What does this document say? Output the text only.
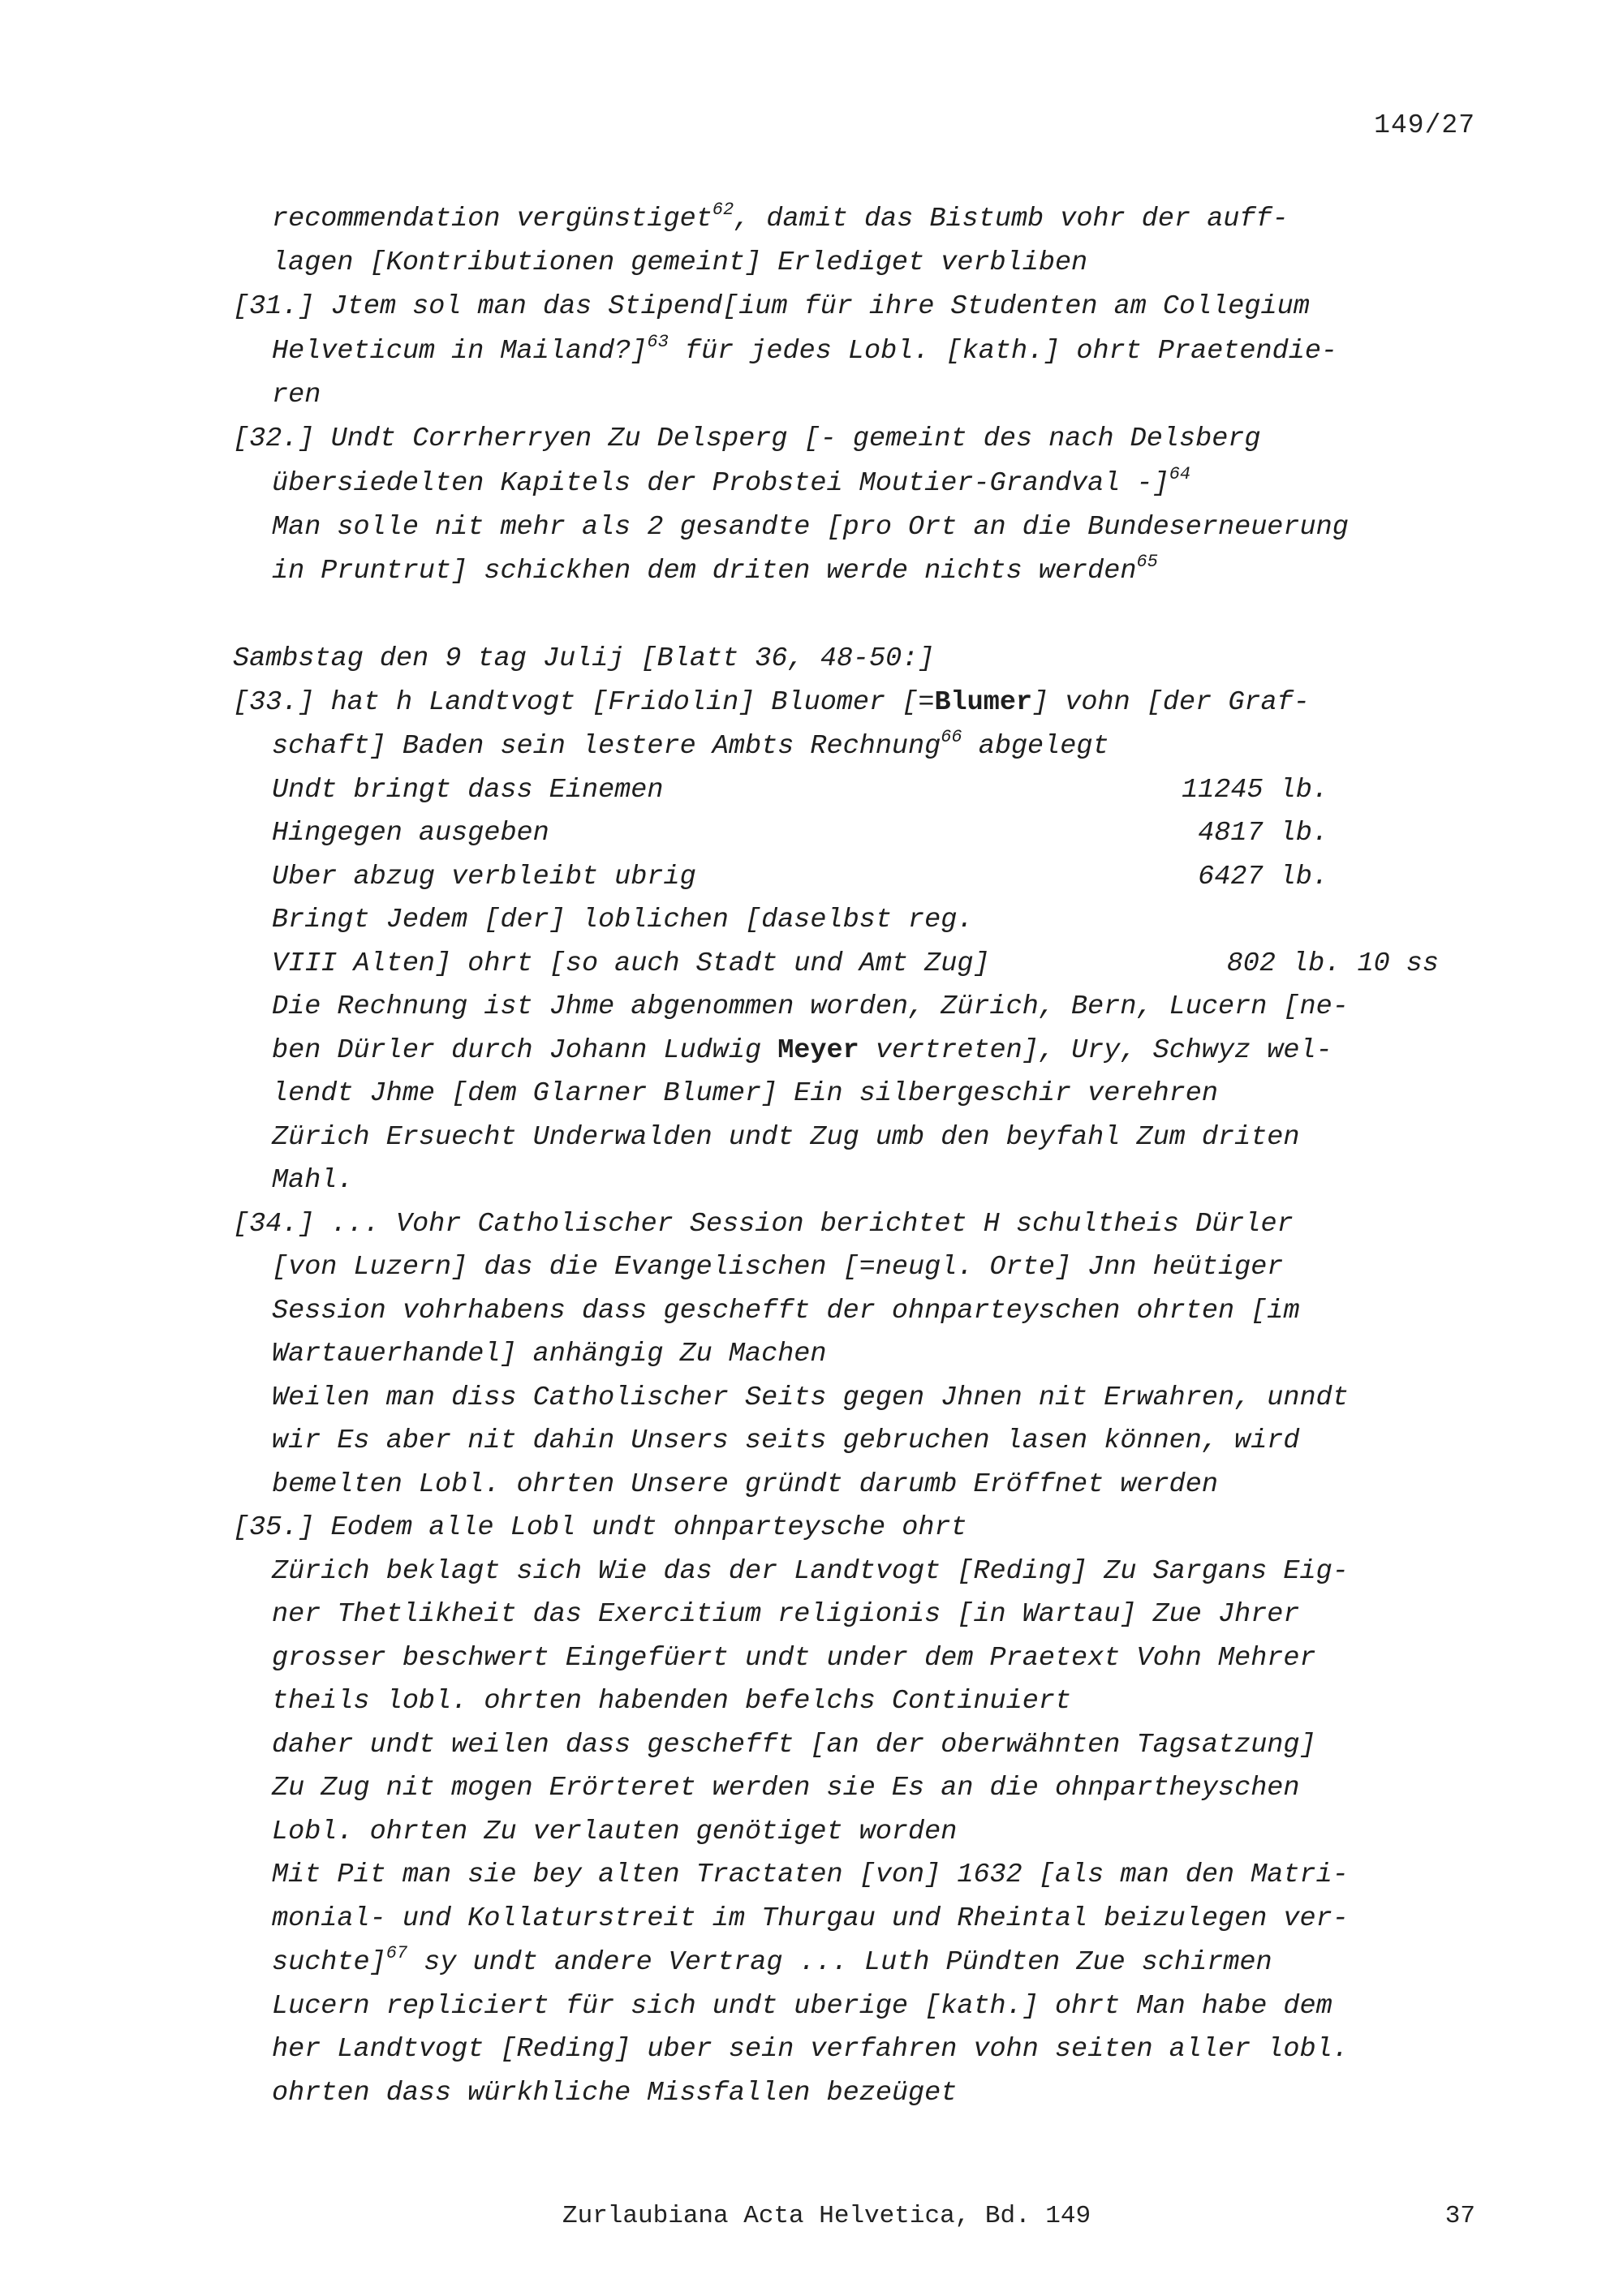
149/27
recommendation vergünstiget$^{62}$, damit das Bistumb vohr der auff-
lagen [Kontributionen gemeint] Erlediget verbliben
[31.] Jtem sol man das Stipend[ium für ihre Studenten am Collegium
Helveticum in Mailand?]$^{63}$ für jedes Lobl. [kath.] ohrt Praetendie-
ren
[32.] Undt Corrherryen Zu Delsperg [- gemeint des nach Delsberg
übersiedelten Kapitels der Probstei Moutier-Grandval -]$^{64}$
Man solle nit mehr als 2 gesandte [pro Ort an die Bundeserneuerung
in Pruntrut] schickhen dem driten werde nichts werden$^{65}$
Sambstag den 9 tag Julij [Blatt 36, 48-50:]
[33.] hat h Landtvogt [Fridolin] Bluomer [=Blumer] vohn [der Graf-
schaft] Baden sein lestere Ambts Rechnung$^{66}$ abgelegt
Undt bringt dass Einemen	11245 lb.
Hingegen ausgeben	4817 lb.
Uber abzug verbleibt ubrig	6427 lb.
Bringt Jedem [der] loblichen [daselbst reg.
VIII Alten] ohrt [so auch Stadt und Amt Zug]	802 lb. 10 ss
Die Rechnung ist Jhme abgenommen worden, Zürich, Bern, Lucern [ne-
ben Dürler durch Johann Ludwig Meyer vertreten], Ury, Schwyz wel-
lendt Jhme [dem Glarner Blumer] Ein silbergeschir verehren
Zürich Ersuecht Underwalden undt Zug umb den beyfahl Zum driten
Mahl.
[34.] ... Vohr Catholischer Session berichtet H schultheis Dürler
[von Luzern] das die Evangelischen [=neugl. Orte] Jnn heütiger
Session vohrhabens dass geschefft der ohnparteyschen ohrten [im
Wartauerhandel] anhängig Zu Machen
Weilen man diss Catholischer Seits gegen Jhnen nit Erwahren, unndt
wir Es aber nit dahin Unsers seits gebruchen lasen können, wird
bemelten Lobl. ohrten Unsere gründt darumb Eröffnet werden
[35.] Eodem alle Lobl undt ohnparteysche ohrt
Zürich beklagt sich Wie das der Landtvogt [Reding] Zu Sargans Eig-
ner Thetlikheit das Exercitium religionis [in Wartau] Zue Jhrer
grosser beschwert Eingefüert undt under dem Praetext Vohn Mehrer
theils lobl. ohrten habenden befelchs Continuiert
daher undt weilen dass geschefft [an der oberwähnten Tagsatzung]
Zu Zug nit mogen Erörteret werden sie Es an die ohnpartheyschen
Lobl. ohrten Zu verlauten genötiget worden
Mit Pit man sie bey alten Tractaten [von] 1632 [als man den Matri-
monial- und Kollaturstreit im Thurgau und Rheintal beizulegen ver-
suchte]$^{67}$ sy undt andere Vertrag ... Luth Pündten Zue schirmen
Lucern repliciert für sich undt uberige [kath.] ohrt Man habe dem
her Landtvogt [Reding] uber sein verfahren vohn seiten aller lobl.
ohrten dass würkhliche Missfallen bezeüget
Zurlaubiana Acta Helvetica, Bd. 149	37
